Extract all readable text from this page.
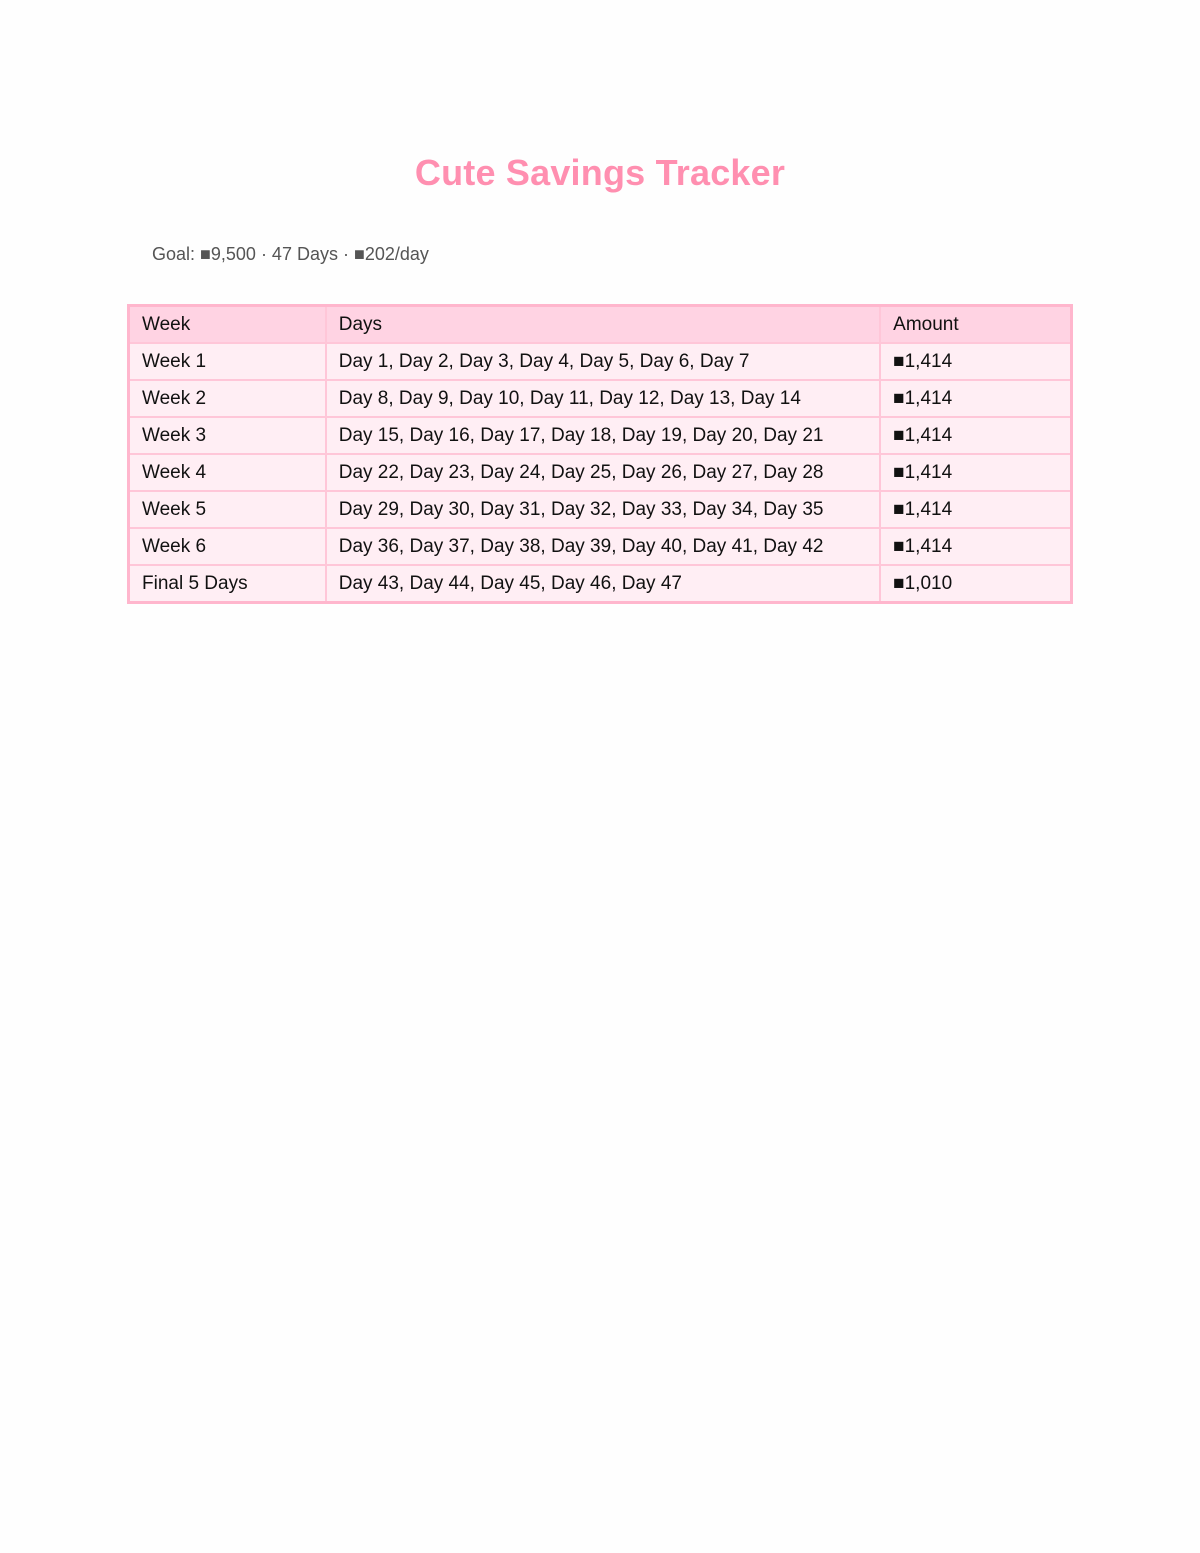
Cute Savings Tracker
Goal: ■9,500 · 47 Days · ■202/day
Week	Days	Amount
Week 1	Day 1, Day 2, Day 3, Day 4, Day 5, Day 6, Day 7	■1,414
Week 2	Day 8, Day 9, Day 10, Day 11, Day 12, Day 13, Day 14	■1,414
Week 3	Day 15, Day 16, Day 17, Day 18, Day 19, Day 20, Day 21	■1,414
Week 4	Day 22, Day 23, Day 24, Day 25, Day 26, Day 27, Day 28	■1,414
Week 5	Day 29, Day 30, Day 31, Day 32, Day 33, Day 34, Day 35	■1,414
Week 6	Day 36, Day 37, Day 38, Day 39, Day 40, Day 41, Day 42	■1,414
Final 5 Days	Day 43, Day 44, Day 45, Day 46, Day 47	■1,010
